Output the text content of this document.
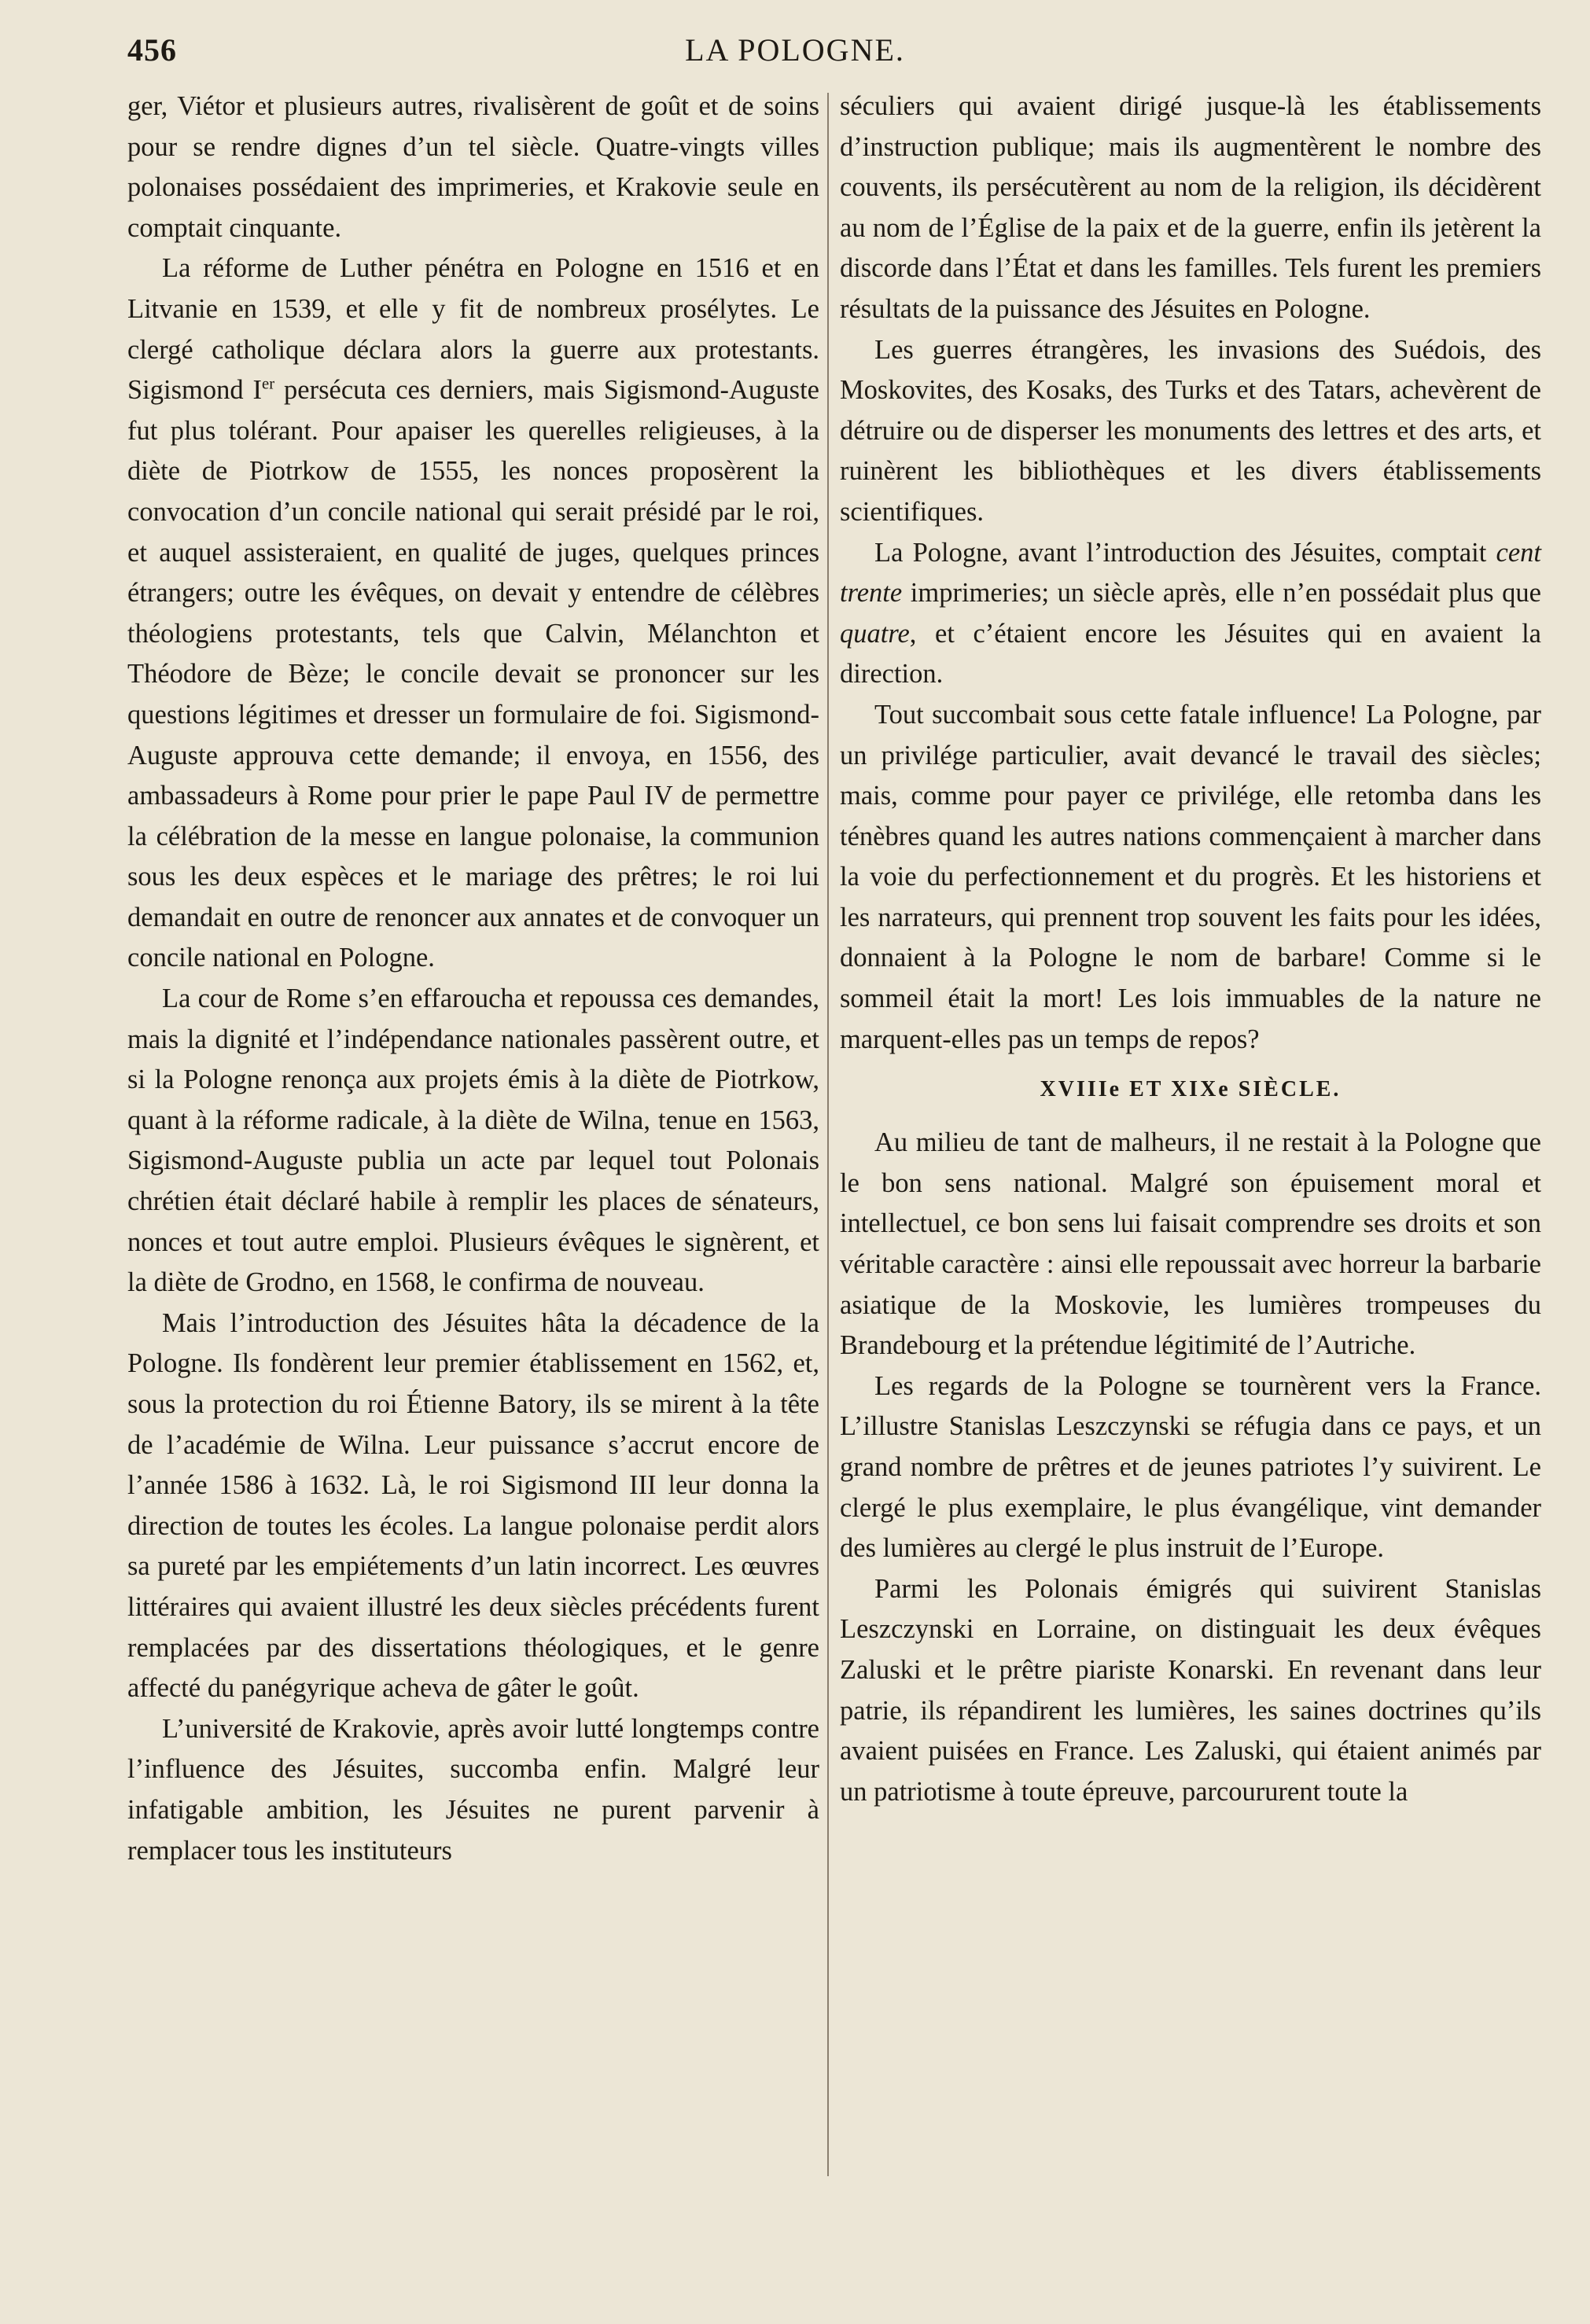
456	LA POLOGNE.

ger, Viétor et plusieurs autres, rivalisèrent de goût et de soins pour se rendre dignes d’un tel siècle. Quatre-vingts villes polonaises possédaient des imprimeries, et Krakovie seule en comptait cinquante.

La réforme de Luther pénétra en Pologne en 1516 et en Litvanie en 1539, et elle y fit de nombreux prosélytes. Le clergé catholique déclara alors la guerre aux protestants. Sigismond Ier persécuta ces derniers, mais Sigismond-Auguste fut plus tolérant. Pour apaiser les querelles religieuses, à la diète de Piotrkow de 1555, les nonces proposèrent la convocation d’un concile national qui serait présidé par le roi, et auquel assisteraient, en qualité de juges, quelques princes étrangers; outre les évêques, on devait y entendre de célèbres théologiens protestants, tels que Calvin, Mélanchton et Théodore de Bèze; le concile devait se prononcer sur les questions légitimes et dresser un formulaire de foi. Sigismond-Auguste approuva cette demande; il envoya, en 1556, des ambassadeurs à Rome pour prier le pape Paul IV de permettre la célébration de la messe en langue polonaise, la communion sous les deux espèces et le mariage des prêtres; le roi lui demandait en outre de renoncer aux annates et de convoquer un concile national en Pologne.

La cour de Rome s’en effaroucha et repoussa ces demandes, mais la dignité et l’indépendance nationales passèrent outre, et si la Pologne renonça aux projets émis à la diète de Piotrkow, quant à la réforme radicale, à la diète de Wilna, tenue en 1563, Sigismond-Auguste publia un acte par lequel tout Polonais chrétien était déclaré habile à remplir les places de sénateurs, nonces et tout autre emploi. Plusieurs évêques le signèrent, et la diète de Grodno, en 1568, le confirma de nouveau.

Mais l’introduction des Jésuites hâta la décadence de la Pologne. Ils fondèrent leur premier établissement en 1562, et, sous la protection du roi Étienne Batory, ils se mirent à la tête de l’académie de Wilna. Leur puissance s’accrut encore de l’année 1586 à 1632. Là, le roi Sigismond III leur donna la direction de toutes les écoles. La langue polonaise perdit alors sa pureté par les empiétements d’un latin incorrect. Les œuvres littéraires qui avaient illustré les deux siècles précédents furent remplacées par des dissertations théologiques, et le genre affecté du panégyrique acheva de gâter le goût.

L’université de Krakovie, après avoir lutté longtemps contre l’influence des Jésuites, succomba enfin. Malgré leur infatigable ambition, les Jésuites ne purent parvenir à remplacer tous les instituteurs

séculiers qui avaient dirigé jusque-là les établissements d’instruction publique; mais ils augmentèrent le nombre des couvents, ils persécutèrent au nom de la religion, ils décidèrent au nom de l’Église de la paix et de la guerre, enfin ils jetèrent la discorde dans l’État et dans les familles. Tels furent les premiers résultats de la puissance des Jésuites en Pologne.

Les guerres étrangères, les invasions des Suédois, des Moskovites, des Kosaks, des Turks et des Tatars, achevèrent de détruire ou de disperser les monuments des lettres et des arts, et ruinèrent les bibliothèques et les divers établissements scientifiques.

La Pologne, avant l’introduction des Jésuites, comptait cent trente imprimeries; un siècle après, elle n’en possédait plus que quatre, et c’étaient encore les Jésuites qui en avaient la direction.

Tout succombait sous cette fatale influence! La Pologne, par un privilége particulier, avait devancé le travail des siècles; mais, comme pour payer ce privilége, elle retomba dans les ténèbres quand les autres nations commençaient à marcher dans la voie du perfectionnement et du progrès. Et les historiens et les narrateurs, qui prennent trop souvent les faits pour les idées, donnaient à la Pologne le nom de barbare! Comme si le sommeil était la mort! Les lois immuables de la nature ne marquent-elles pas un temps de repos?

XVIIIe ET XIXe SIÈCLE.

Au milieu de tant de malheurs, il ne restait à la Pologne que le bon sens national. Malgré son épuisement moral et intellectuel, ce bon sens lui faisait comprendre ses droits et son véritable caractère : ainsi elle repoussait avec horreur la barbarie asiatique de la Moskovie, les lumières trompeuses du Brandebourg et la prétendue légitimité de l’Autriche.

Les regards de la Pologne se tournèrent vers la France. L’illustre Stanislas Leszczynski se réfugia dans ce pays, et un grand nombre de prêtres et de jeunes patriotes l’y suivirent. Le clergé le plus exemplaire, le plus évangélique, vint demander des lumières au clergé le plus instruit de l’Europe.

Parmi les Polonais émigrés qui suivirent Stanislas Leszczynski en Lorraine, on distinguait les deux évêques Zaluski et le prêtre piariste Konarski. En revenant dans leur patrie, ils répandirent les lumières, les saines doctrines qu’ils avaient puisées en France. Les Zaluski, qui étaient animés par un patriotisme à toute épreuve, parcoururent toute la
